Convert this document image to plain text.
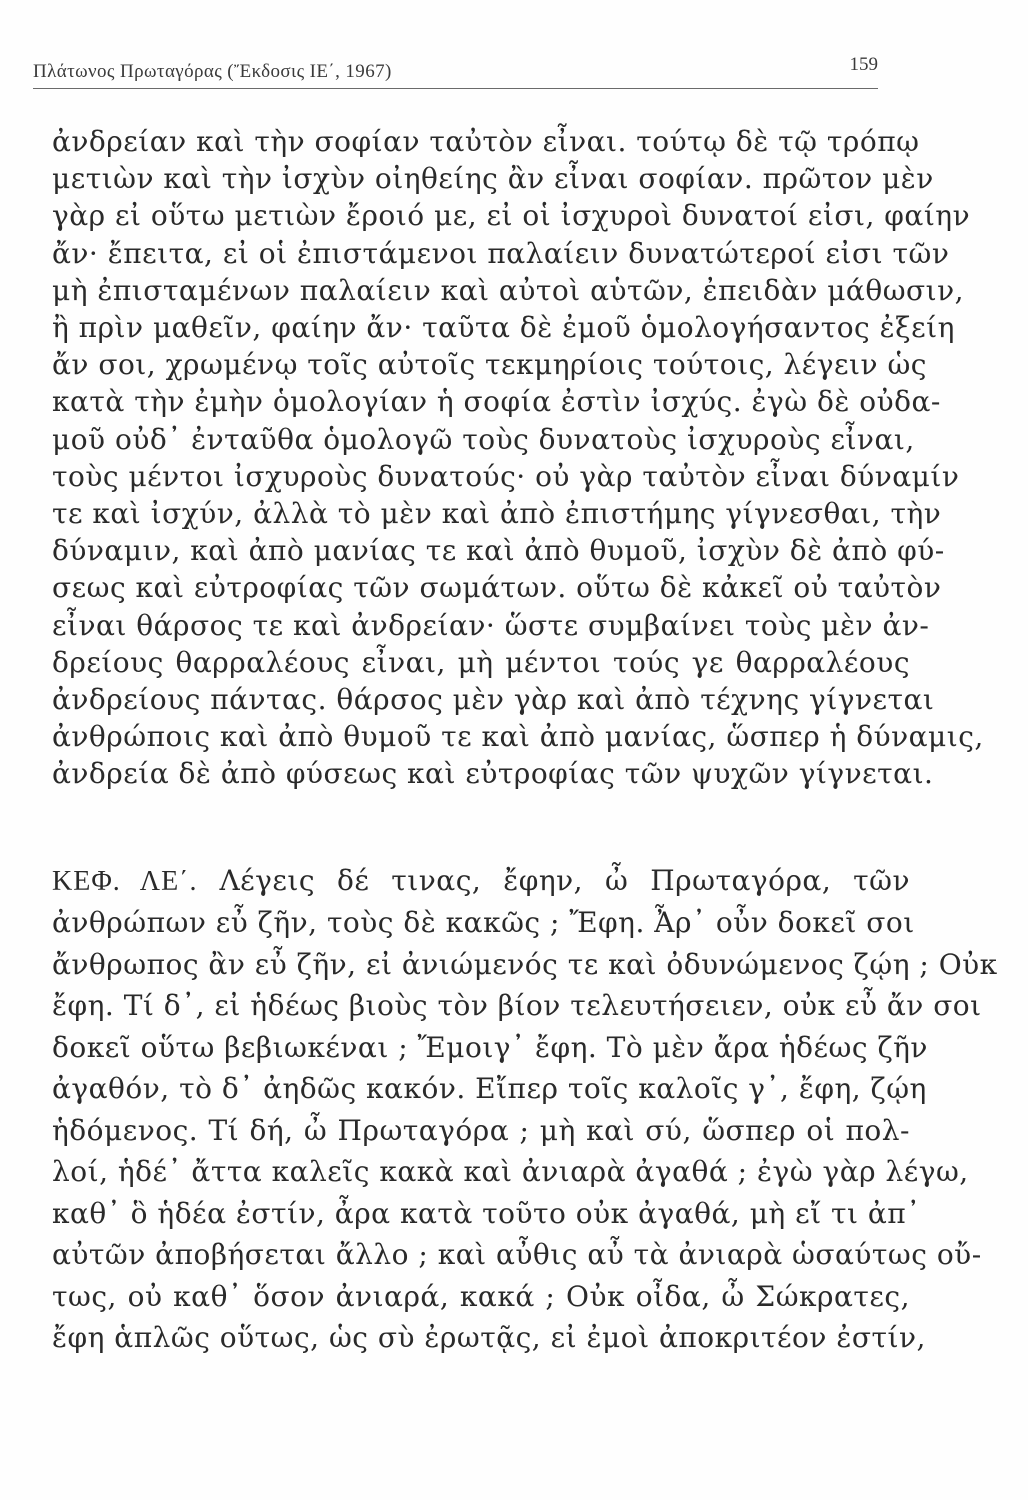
Πλάτωνος Πρωταγόρας (Ἔκδοσις ΙΕ΄, 1967)	159

ἀνδρείαν καὶ τὴν σοφίαν ταὐτὸν εἶναι. τούτῳ δὲ τῷ τρόπῳ

μετιὼν καὶ τὴν ἰσχὺν οἰηθείης ἂν εἶναι σοφίαν. πρῶτον μὲν

γὰρ εἰ οὕτω μετιὼν ἔροιό με, εἰ οἱ ἰσχυροὶ δυνατοί εἰσι, φαίην

ἄν· ἔπειτα, εἰ οἱ ἐπιστάμενοι παλαίειν δυνατώτεροί εἰσι τῶν

μὴ ἐπισταμένων παλαίειν καὶ αὐτοὶ αὑτῶν, ἐπειδὰν μάθωσιν,

ἢ πρὶν μαθεῖν, φαίην ἄν· ταῦτα δὲ ἐμοῦ ὁμολογήσαντος ἐξείη

ἄν σοι, χρωμένῳ τοῖς αὐτοῖς τεκμηρίοις τούτοις, λέγειν ὡς

κατὰ τὴν ἐμὴν ὁμολογίαν ἡ σοφία ἐστὶν ἰσχύς. ἐγὼ δὲ οὐδα-

μοῦ οὐδ᾽ ἐνταῦθα ὁμολογῶ τοὺς δυνατοὺς ἰσχυροὺς εἶναι,

τοὺς μέντοι ἰσχυροὺς δυνατούς· οὐ γὰρ ταὐτὸν εἶναι δύναμίν

τε καὶ ἰσχύν, ἀλλὰ τὸ μὲν καὶ ἀπὸ ἐπιστήμης γίγνεσθαι, τὴν

δύναμιν, καὶ ἀπὸ μανίας τε καὶ ἀπὸ θυμοῦ, ἰσχὺν δὲ ἀπὸ φύ-

σεως καὶ εὐτροφίας τῶν σωμάτων. οὕτω δὲ κἀκεῖ οὐ ταὐτὸν

εἶναι θάρσος τε καὶ ἀνδρείαν· ὥστε συμβαίνει τοὺς μὲν ἀν-

δρείους θαρραλέους εἶναι, μὴ μέντοι τούς γε θαρραλέους

ἀνδρείους πάντας. θάρσος μὲν γὰρ καὶ ἀπὸ τέχνης γίγνεται

ἀνθρώποις καὶ ἀπὸ θυμοῦ τε καὶ ἀπὸ μανίας, ὥσπερ ἡ δύναμις,

ἀνδρεία δὲ ἀπὸ φύσεως καὶ εὐτροφίας τῶν ψυχῶν γίγνεται.

ΚΕΦ. ΛΕ΄. Λέγεις δέ τινας, ἔφην, ὦ Πρωταγόρα, τῶν

ἀνθρώπων εὖ ζῆν, τοὺς δὲ κακῶς ; Ἔφη. Ἆρ᾽ οὖν δοκεῖ σοι

ἄνθρωπος ἂν εὖ ζῆν, εἰ ἀνιώμενός τε καὶ ὀδυνώμενος ζῴη ; Οὐκ

ἔφη. Τί δ᾽, εἰ ἡδέως βιοὺς τὸν βίον τελευτήσειεν, οὐκ εὖ ἄν σοι

δοκεῖ οὕτω βεβιωκέναι ; Ἔμοιγ᾽ ἔφη. Τὸ μὲν ἄρα ἡδέως ζῆν

ἀγαθόν, τὸ δ᾽ ἀηδῶς κακόν. Εἴπερ τοῖς καλοῖς γ᾽, ἔφη, ζῴη

ἡδόμενος. Τί δή, ὦ Πρωταγόρα ; μὴ καὶ σύ, ὥσπερ οἱ πολ-

λοί, ἡδέ᾽ ἄττα καλεῖς κακὰ καὶ ἀνιαρὰ ἀγαθά ; ἐγὼ γὰρ λέγω,

καθ᾽ ὃ ἡδέα ἐστίν, ἆρα κατὰ τοῦτο οὐκ ἀγαθά, μὴ εἴ τι ἀπ᾽

αὐτῶν ἀποβήσεται ἄλλο ; καὶ αὖθις αὖ τὰ ἀνιαρὰ ὡσαύτως οὔ-

τως, οὐ καθ᾽ ὅσον ἀνιαρά, κακά ; Οὐκ οἶδα, ὦ Σώκρατες,

ἔφη ἁπλῶς οὕτως, ὡς σὺ ἐρωτᾷς, εἰ ἐμοὶ ἀποκριτέον ἐστίν,
